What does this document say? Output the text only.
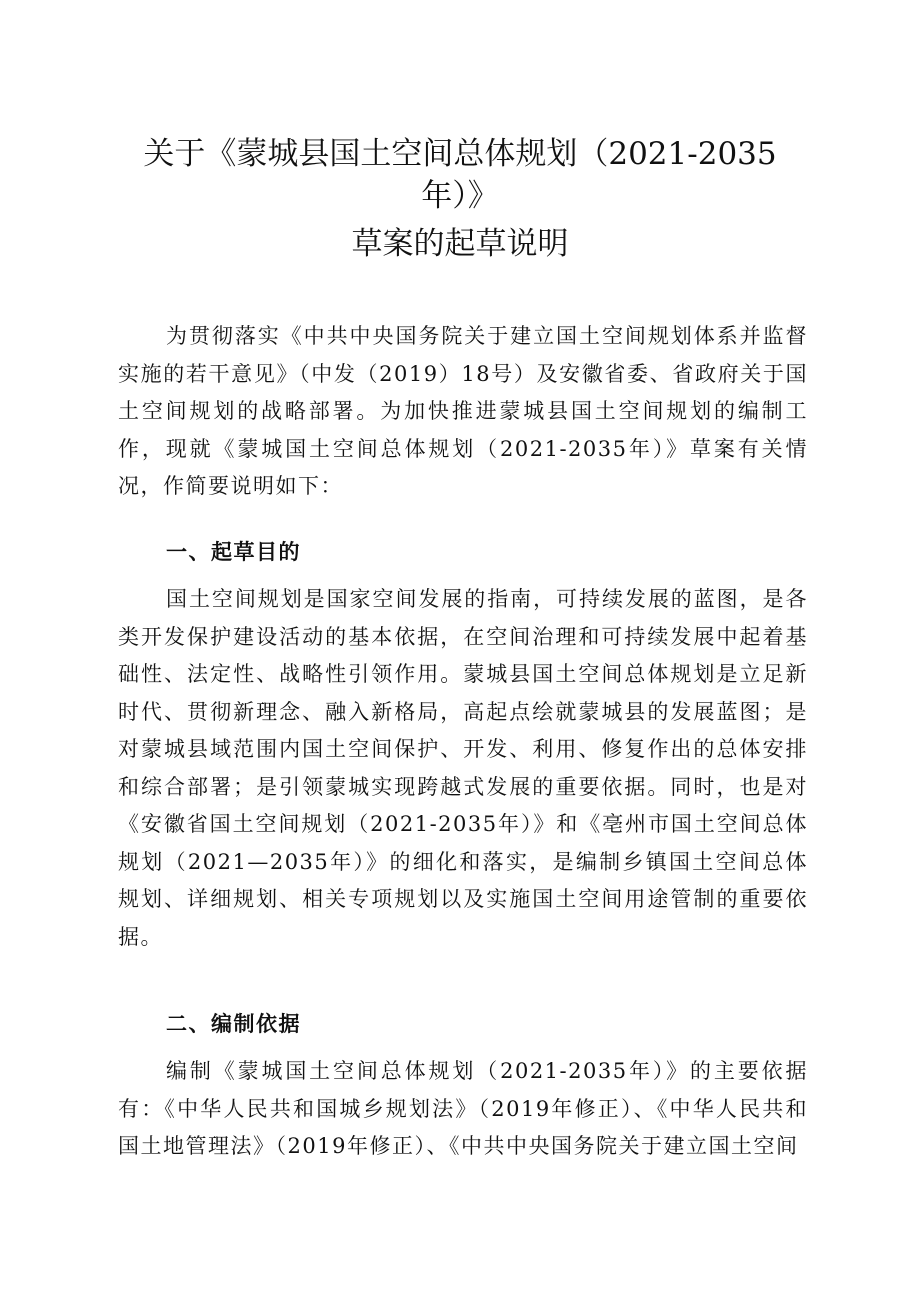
关于《蒙城县国土空间总体规划（2021-2035
年）》
草案的起草说明

为贯彻落实《中共中央国务院关于建立国土空间规划体系并监督实施的若干意见》（中发（2019）18号）及安徽省委、省政府关于国土空间规划的战略部署。为加快推进蒙城县国土空间规划的编制工作，现就《蒙城国土空间总体规划（2021-2035年）》草案有关情况，作简要说明如下：

一、起草目的

国土空间规划是国家空间发展的指南，可持续发展的蓝图，是各类开发保护建设活动的基本依据，在空间治理和可持续发展中起着基础性、法定性、战略性引领作用。蒙城县国土空间总体规划是立足新时代、贯彻新理念、融入新格局，高起点绘就蒙城县的发展蓝图；是对蒙城县域范围内国土空间保护、开发、利用、修复作出的总体安排和综合部署；是引领蒙城实现跨越式发展的重要依据。同时，也是对《安徽省国土空间规划（2021-2035年）》和《亳州市国土空间总体规划（2021—2035年）》的细化和落实，是编制乡镇国土空间总体规划、详细规划、相关专项规划以及实施国土空间用途管制的重要依据。

二、编制依据

编制《蒙城国土空间总体规划（2021-2035年）》的主要依据有：《中华人民共和国城乡规划法》（2019年修正）、《中华人民共和国土地管理法》（2019年修正）、《中共中央国务院关于建立国土空间
